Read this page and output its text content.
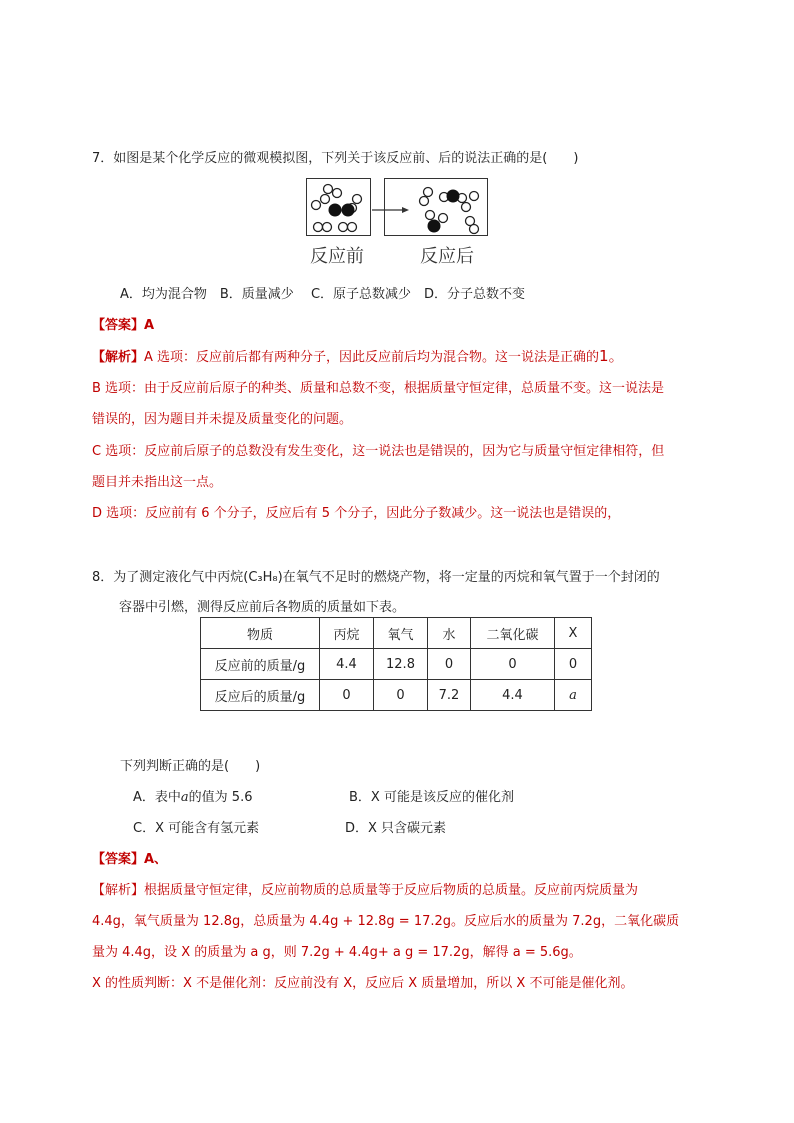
7．如图是某个化学反应的微观模拟图，下列关于该反应前、后的说法正确的是(　　)
反应前	反应后
A．均为混合物　B．质量减少　 C．原子总数减少　D．分子总数不变
【答案】A
【解析】A 选项：反应前后都有两种分子，因此反应前后均为混合物。这一说法是正确的1。
B 选项：由于反应前后原子的种类、质量和总数不变，根据质量守恒定律，总质量不变。这一说法是
错误的，因为题目并未提及质量变化的问题。
C 选项：反应前后原子的总数没有发生变化，这一说法也是错误的，因为它与质量守恒定律相符，但
题目并未指出这一点。
D 选项：反应前有 6 个分子，反应后有 5 个分子，因此分子数减少。这一说法也是错误的，
8．为了测定液化气中丙烷(C₃H₈)在氧气不足时的燃烧产物，将一定量的丙烷和氧气置于一个封闭的
容器中引燃，测得反应前后各物质的质量如下表。
物质	丙烷	氧气	水	二氧化碳	X
反应前的质量/g	4.4	12.8	0	0	0
反应后的质量/g	0	0	7.2	4.4	a
下列判断正确的是(　　)
A．表中a的值为 5.6	B．X 可能是该反应的催化剂
C．X 可能含有氢元素	D．X 只含碳元素
【答案】A、
【解析】根据质量守恒定律，反应前物质的总质量等于反应后物质的总质量。反应前丙烷质量为
4.4g，氧气质量为 12.8g，总质量为 4.4g + 12.8g = 17.2g。反应后水的质量为 7.2g，二氧化碳质
量为 4.4g，设 X 的质量为 a g，则 7.2g + 4.4g+ a g = 17.2g，解得 a = 5.6g。
X 的性质判断：X 不是催化剂：反应前没有 X，反应后 X 质量增加，所以 X 不可能是催化剂。
